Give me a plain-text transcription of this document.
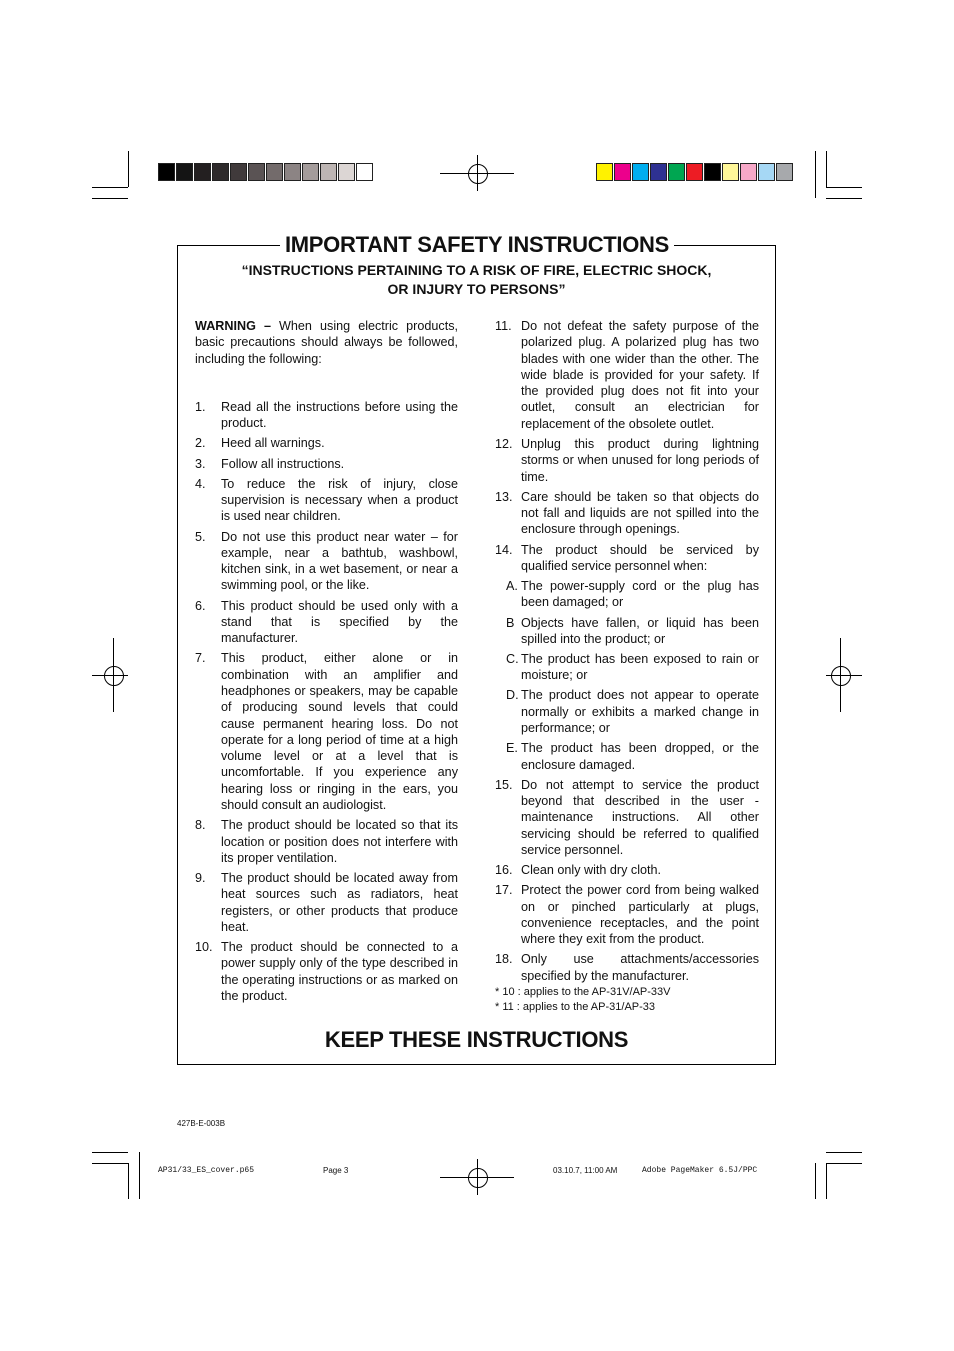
IMPORTANT SAFETY INSTRUCTIONS
“INSTRUCTIONS PERTAINING TO A RISK OF FIRE, ELECTRIC SHOCK,
OR INJURY TO PERSONS”
WARNING – When using electric products, basic precautions should always be followed, including the following:
1. Read all the instructions before using the product.
2. Heed all warnings.
3. Follow all instructions.
4. To reduce the risk of injury, close supervision is necessary when a product is used near children.
5. Do not use this product near water – for example, near a bathtub, washbowl, kitchen sink, in a wet basement, or near a swimming pool, or the like.
6. This product should be used only with a stand that is specified by the manufacturer.
7. This product, either alone or in combination with an amplifier and headphones or speakers, may be capable of producing sound levels that could cause permanent hearing loss. Do not operate for a long period of time at a high volume level or at a level that is uncomfortable. If you experience any hearing loss or ringing in the ears, you should consult an audiologist.
8. The product should be located so that its location or position does not interfere with its proper ventilation.
9. The product should be located away from heat sources such as radiators, heat registers, or other products that produce heat.
10. The product should be connected to a power supply only of the type described in the operating instructions or as marked on the product.
11. Do not defeat the safety purpose of the polarized plug. A polarized plug has two blades with one wider than the other. The wide blade is provided for your safety. If the provided plug does not fit into your outlet, consult an electrician for replacement of the obsolete outlet.
12. Unplug this product during lightning storms or when unused for long periods of time.
13. Care should be taken so that objects do not fall and liquids are not spilled into the enclosure through openings.
14. The product should be serviced by qualified service personnel when:
A. The power-supply cord or the plug has been damaged; or
B Objects have fallen, or liquid has been spilled into the product; or
C. The product has been exposed to rain or moisture; or
D. The product does not appear to operate normally or exhibits a marked change in performance; or
E. The product has been dropped, or the enclosure damaged.
15. Do not attempt to service the product beyond that described in the user - maintenance instructions. All other servicing should be referred to qualified service personnel.
16. Clean only with dry cloth.
17. Protect the power cord from being walked on or pinched particularly at plugs, convenience receptacles, and the point where they exit from the product.
18. Only use attachments/accessories specified by the manufacturer.
* 10 : applies to the AP-31V/AP-33V
* 11 : applies to the AP-31/AP-33
KEEP THESE INSTRUCTIONS
427B-E-003B
AP31/33_ES_cover.p65	Page 3	03.10.7, 11:00 AM	Adobe PageMaker 6.5J/PPC
